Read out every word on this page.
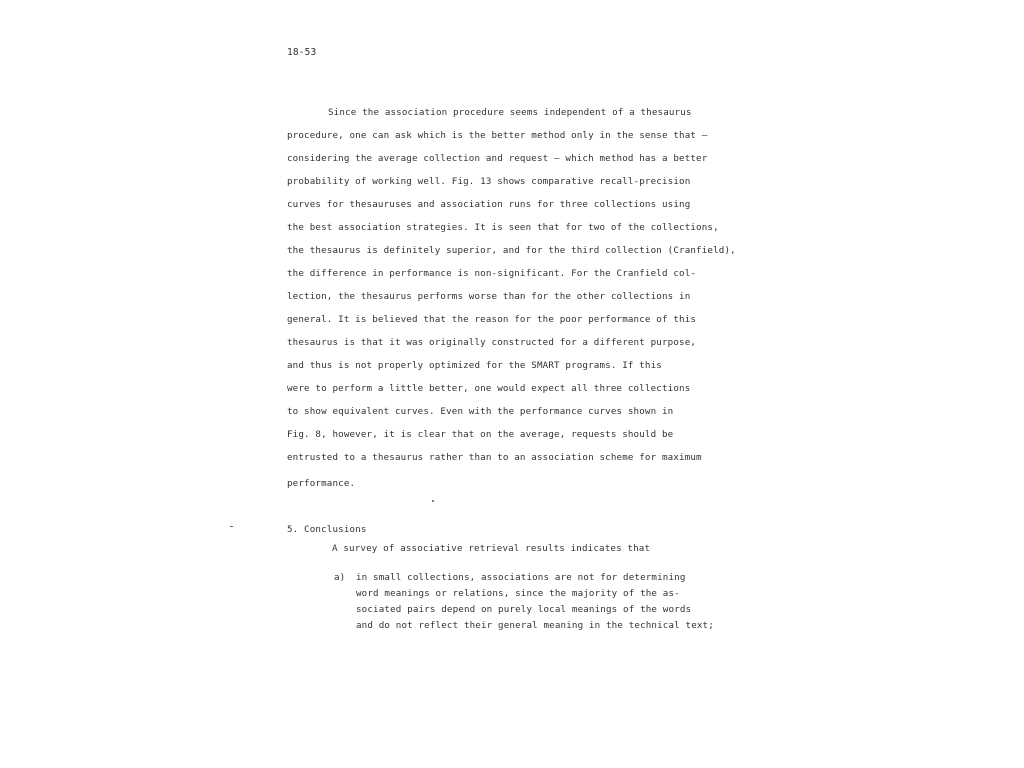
18-53
Since the association procedure seems independent of a thesaurus
procedure, one can ask which is the better method only in the sense that —
considering the average collection and request — which method has a better
probability of working well. Fig. 13 shows comparative recall-precision
curves for thesauruses and association runs for three collections using
the best association strategies. It is seen that for two of the collections,
the thesaurus is definitely superior, and for the third collection (Cranfield),
the difference in performance is non-significant. For the Cranfield col-
lection, the thesaurus performs worse than for the other collections in
general. It is believed that the reason for the poor performance of this
thesaurus is that it was originally constructed for a different purpose,
and thus is not properly optimized for the SMART programs. If this
were to perform a little better, one would expect all three collections
to show equivalent curves. Even with the performance curves shown in
Fig. 8, however, it is clear that on the average, requests should be
entrusted to a thesaurus rather than to an association scheme for maximum
performance.
5. Conclusions
A survey of associative retrieval results indicates that
a) in small collections, associations are not for determining
word meanings or relations, since the majority of the as-
sociated pairs depend on purely local meanings of the words
and do not reflect their general meaning in the technical text;
